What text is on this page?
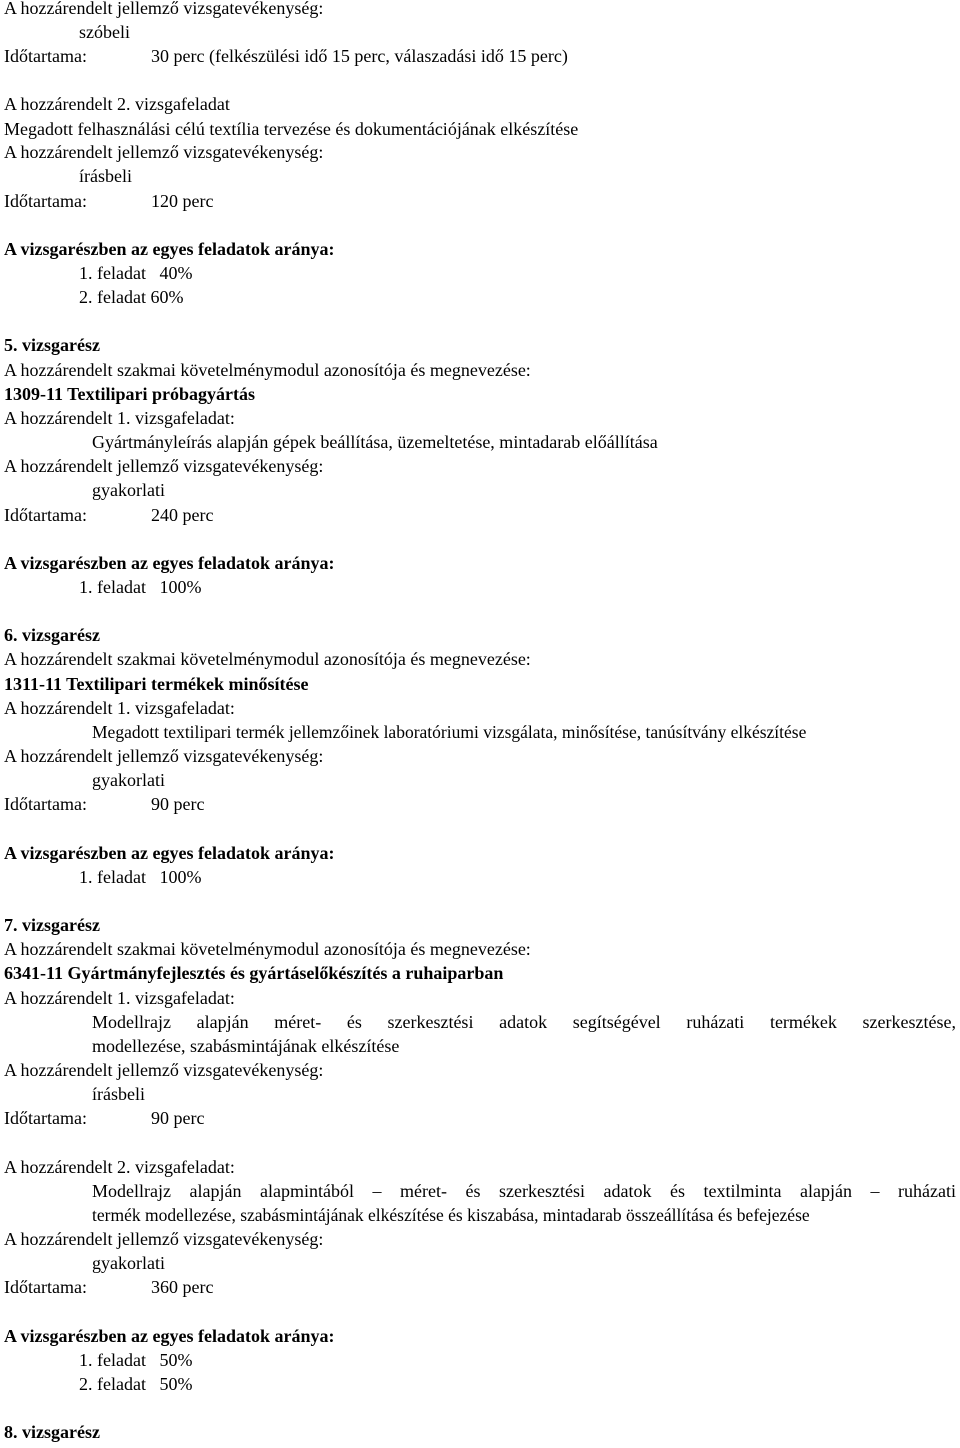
A hozzárendelt jellemző vizsgatevékenység:
szóbeli
Időtartama:	30 perc (felkészülési idő 15 perc, válaszadási idő 15 perc)
A hozzárendelt 2. vizsgafeladat
Megadott felhasználási célú textília tervezése és dokumentációjának elkészítése
A hozzárendelt jellemző vizsgatevékenység:
írásbeli
Időtartama:	120 perc
A vizsgarészben az egyes feladatok aránya:
1. feladat   40%
2. feladat 60%
5. vizsgarész
A hozzárendelt szakmai követelménymodul azonosítója és megnevezése:
1309-11 Textilipari próbagyártás
A hozzárendelt 1. vizsgafeladat:
Gyártmányleírás alapján gépek beállítása, üzemeltetése, mintadarab előállítása
A hozzárendelt jellemző vizsgatevékenység:
gyakorlati
Időtartama:	240 perc
A vizsgarészben az egyes feladatok aránya:
1. feladat   100%
6. vizsgarész
A hozzárendelt szakmai követelménymodul azonosítója és megnevezése:
1311-11 Textilipari termékek minősítése
A hozzárendelt 1. vizsgafeladat:
Megadott textilipari termék jellemzőinek laboratóriumi vizsgálata, minősítése, tanúsítvány elkészítése
A hozzárendelt jellemző vizsgatevékenység:
gyakorlati
Időtartama:	90 perc
A vizsgarészben az egyes feladatok aránya:
1. feladat   100%
7. vizsgarész
A hozzárendelt szakmai követelménymodul azonosítója és megnevezése:
6341-11 Gyártmányfejlesztés és gyártáselőkészítés a ruhaiparban
A hozzárendelt 1. vizsgafeladat:
Modellrajz alapján méret- és szerkesztési adatok segítségével ruházati termékek szerkesztése,
modellezése, szabásmintájának elkészítése
A hozzárendelt jellemző vizsgatevékenység:
írásbeli
Időtartama:	90 perc
A hozzárendelt 2. vizsgafeladat:
Modellrajz alapján alapmintából – méret- és szerkesztési adatok és textilminta alapján – ruházati
termék modellezése, szabásmintájának elkészítése és kiszabása, mintadarab összeállítása és befejezése
A hozzárendelt jellemző vizsgatevékenység:
gyakorlati
Időtartama:	360 perc
A vizsgarészben az egyes feladatok aránya:
1. feladat   50%
2. feladat   50%
8. vizsgarész
